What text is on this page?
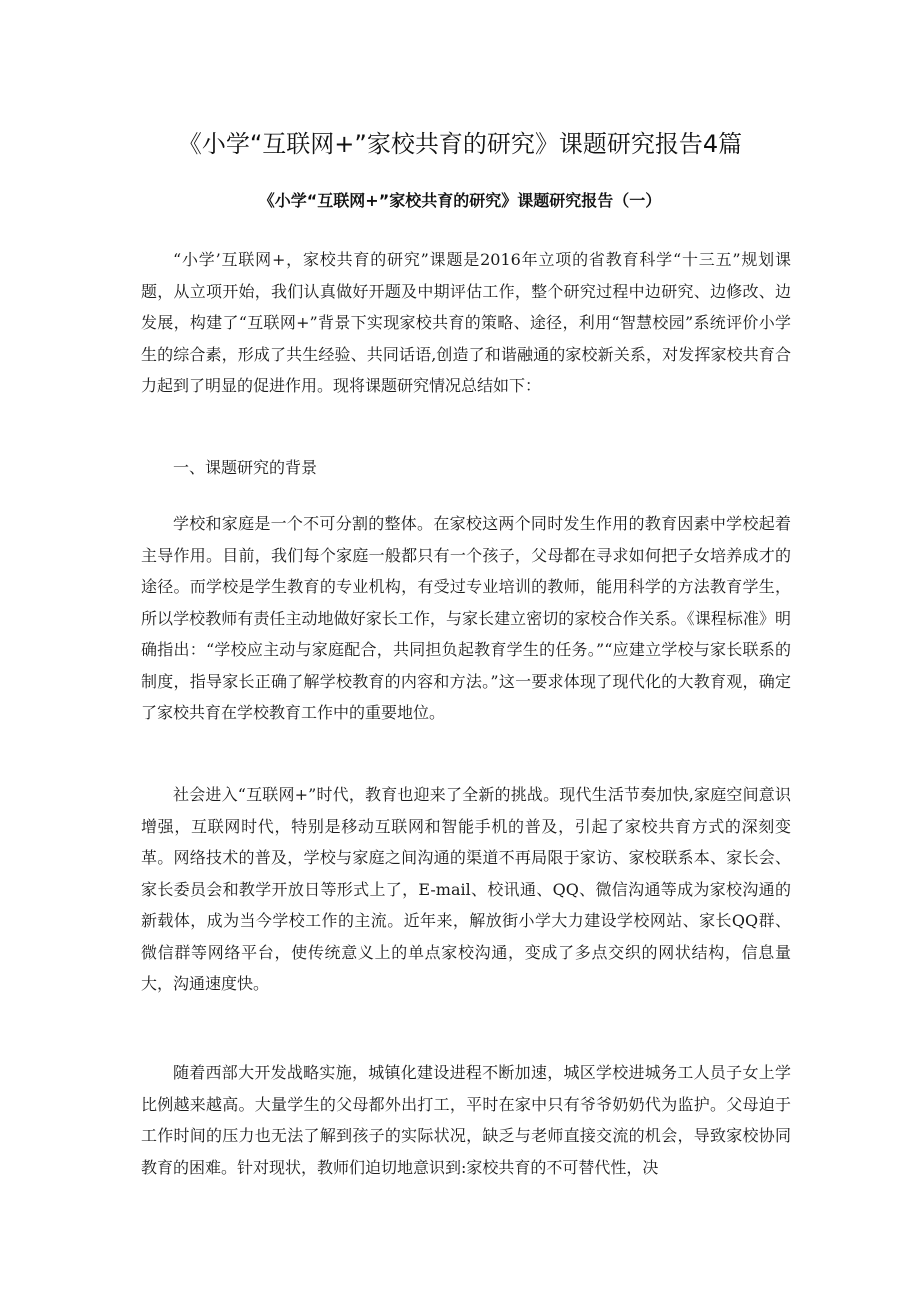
《小学“互联网+”家校共育的研究》课题研究报告4篇
《小学“互联网+”家校共育的研究》课题研究报告（一）

“小学’互联网+，家校共育的研究”课题是2016年立项的省教育科学“十三五”规划课题，从立项开始，我们认真做好开题及中期评估工作，整个研究过程中边研究、边修改、边发展，构建了“互联网+”背景下实现家校共育的策略、途径，利用“智慧校园”系统评价小学生的综合素，形成了共生经验、共同话语,创造了和谐融通的家校新关系，对发挥家校共育合力起到了明显的促进作用。现将课题研究情况总结如下：

一、课题研究的背景

学校和家庭是一个不可分割的整体。在家校这两个同时发生作用的教育因素中学校起着主导作用。目前，我们每个家庭一般都只有一个孩子，父母都在寻求如何把子女培养成才的途径。而学校是学生教育的专业机构，有受过专业培训的教师，能用科学的方法教育学生，所以学校教师有责任主动地做好家长工作，与家长建立密切的家校合作关系。《课程标准》明确指出：“学校应主动与家庭配合，共同担负起教育学生的任务。”“应建立学校与家长联系的制度，指导家长正确了解学校教育的内容和方法。”这一要求体现了现代化的大教育观，确定了家校共育在学校教育工作中的重要地位。

社会进入“互联网+”时代，教育也迎来了全新的挑战。现代生活节奏加快,家庭空间意识增强，互联网时代，特别是移动互联网和智能手机的普及，引起了家校共育方式的深刻变革。网络技术的普及，学校与家庭之间沟通的渠道不再局限于家访、家校联系本、家长会、家长委员会和教学开放日等形式上了，E-mail、校讯通、QQ、微信沟通等成为家校沟通的新载体，成为当今学校工作的主流。近年来，解放街小学大力建设学校网站、家长QQ群、微信群等网络平台，使传统意义上的单点家校沟通，变成了多点交织的网状结构，信息量大，沟通速度快。

随着西部大开发战略实施，城镇化建设进程不断加速，城区学校进城务工人员子女上学比例越来越高。大量学生的父母都外出打工，平时在家中只有爷爷奶奶代为监护。父母迫于工作时间的压力也无法了解到孩子的实际状况，缺乏与老师直接交流的机会，导致家校协同教育的困难。针对现状，教师们迫切地意识到:家校共育的不可替代性，决
